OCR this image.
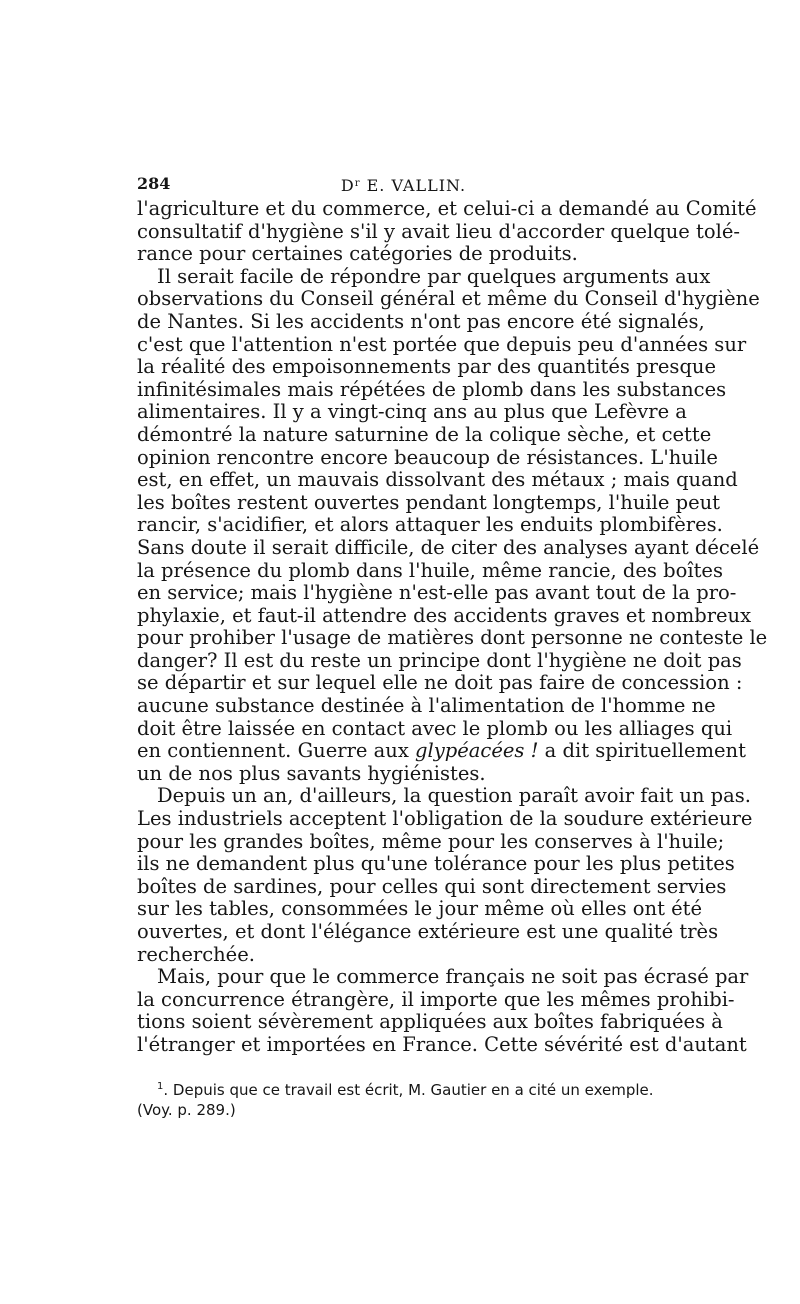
284	$D^r$ E. VALLIN.
l'agriculture et du commerce, et celui-ci a demandé au Comité
consultatif d'hygiène s'il y avait lieu d'accorder quelque tolé-
rance pour certaines catégories de produits.
Il serait facile de répondre par quelques arguments aux
observations du Conseil général et même du Conseil d'hygiène
de Nantes. Si les accidents n'ont pas encore été signalés,
c'est que l'attention n'est portée que depuis peu d'années sur
la réalité des empoisonnements par des quantités presque
infinitésimales mais répétées de plomb dans les substances
alimentaires. Il y a vingt-cinq ans au plus que Lefèvre a
démontré la nature saturnine de la colique sèche, et cette
opinion rencontre encore beaucoup de résistances. L'huile
est, en effet, un mauvais dissolvant des métaux ; mais quand
les boîtes restent ouvertes pendant longtemps, l'huile peut
rancir, s'acidifier, et alors attaquer les enduits plombifères.
Sans doute il serait difficile, de citer des analyses ayant décelé
la présence du plomb dans l'huile, même rancie, des boîtes
en service; mais l'hygiène n'est-elle pas avant tout de la pro-
phylaxie, et faut-il attendre des accidents graves et nombreux
pour prohiber l'usage de matières dont personne ne conteste le
danger? Il est du reste un principe dont l'hygiène ne doit pas
se départir et sur lequel elle ne doit pas faire de concession :
aucune substance destinée à l'alimentation de l'homme ne
doit être laissée en contact avec le plomb ou les alliages qui
en contiennent. Guerre aux glypéacées ! a dit spirituellement
un de nos plus savants hygiénistes.
Depuis un an, d'ailleurs, la question paraît avoir fait un pas.
Les industriels acceptent l'obligation de la soudure extérieure
pour les grandes boîtes, même pour les conserves à l'huile;
ils ne demandent plus qu'une tolérance pour les plus petites
boîtes de sardines, pour celles qui sont directement servies
sur les tables, consommées le jour même où elles ont été
ouvertes, et dont l'élégance extérieure est une qualité très
recherchée.
Mais, pour que le commerce français ne soit pas écrasé par
la concurrence étrangère, il importe que les mêmes prohibi-
tions soient sévèrement appliquées aux boîtes fabriquées à
l'étranger et importées en France. Cette sévérité est d'autant
$^1$. Depuis que ce travail est écrit, M. Gautier en a cité un exemple.
(Voy. p. 289.)
